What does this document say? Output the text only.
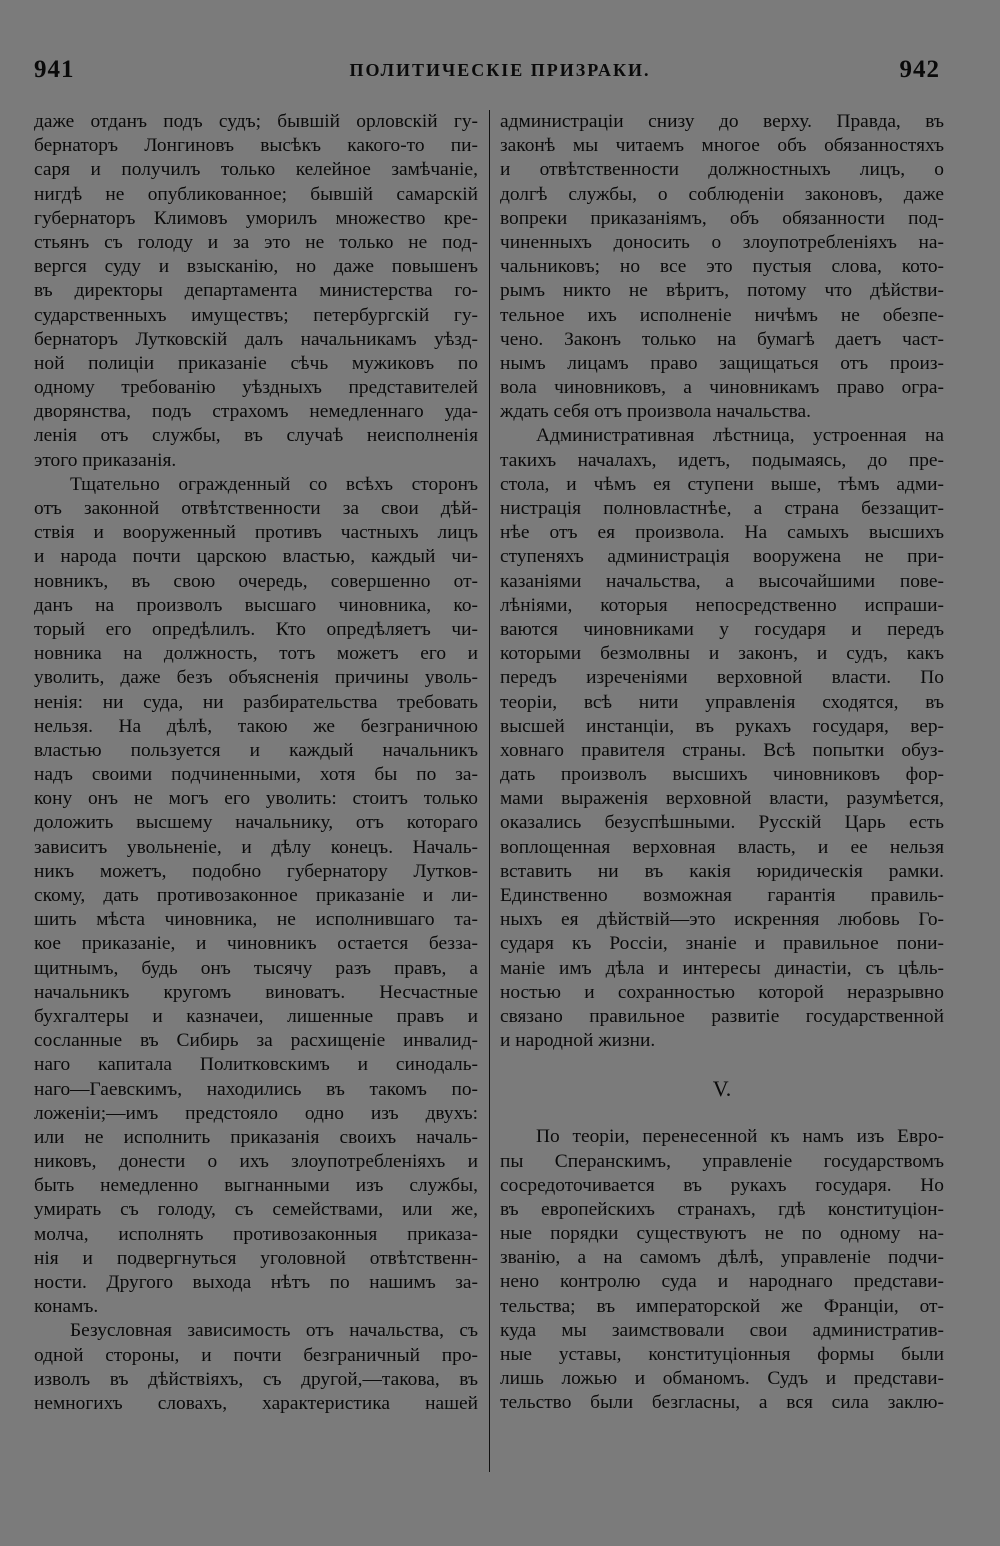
941	ПОЛИТИЧЕСКІЕ ПРИЗРАКИ.	942
даже отданъ подъ судъ; бывшій орловскій гу-
бернаторъ Лонгиновъ высѣкъ какого-то пи-
саря и получилъ только келейное замѣчаніе,
нигдѣ не опубликованное; бывшій самарскій
губернаторъ Климовъ уморилъ множество кре-
стьянъ съ голоду и за это не только не под-
вергся суду и взысканію, но даже повышенъ
въ директоры департамента министерства го-
сударственныхъ имуществъ; петербургскій гу-
бернаторъ Лутковскій далъ начальникамъ уѣзд-
ной полиціи приказаніе сѣчь мужиковъ по
одному требованію уѣздныхъ представителей
дворянства, подъ страхомъ немедленнаго уда-
ленія отъ службы, въ случаѣ неисполненія
этого приказанія.
Тщательно огражденный со всѣхъ сторонъ
отъ законной отвѣтственности за свои дѣй-
ствія и вооруженный противъ частныхъ лицъ
и народа почти царскою властью, каждый чи-
новникъ, въ свою очередь, совершенно от-
данъ на произволъ высшаго чиновника, ко-
торый его опредѣлилъ. Кто опредѣляетъ чи-
новника на должность, тотъ можетъ его и
уволить, даже безъ объясненія причины уволь-
ненія: ни суда, ни разбирательства требовать
нельзя. На дѣлѣ, такою же безграничною
властью пользуется и каждый начальникъ
надъ своими подчиненными, хотя бы по за-
кону онъ не могъ его уволить: стоитъ только
доложить высшему начальнику, отъ котораго
зависитъ увольненіе, и дѣлу конецъ. Началь-
никъ можетъ, подобно губернатору Лутков-
скому, дать противозаконное приказаніе и ли-
шить мѣста чиновника, не исполнившаго та-
кое приказаніе, и чиновникъ остается безза-
щитнымъ, будь онъ тысячу разъ правъ, а
начальникъ кругомъ виноватъ. Несчастные
бухгалтеры и казначеи, лишенные правъ и
сосланные въ Сибирь за расхищеніе инвалид-
наго капитала Политковскимъ и синодаль-
наго—Гаевскимъ, находились въ такомъ по-
ложеніи;—имъ предстояло одно изъ двухъ:
или не исполнить приказанія своихъ началь-
никовъ, донести о ихъ злоупотребленіяхъ и
быть немедленно выгнанными изъ службы,
умирать съ голоду, съ семействами, или же,
молча, исполнять противозаконныя приказа-
нія и подвергнуться уголовной отвѣтственн-
ности. Другого выхода нѣтъ по нашимъ за-
конамъ.
Безусловная зависимость отъ начальства, съ
одной стороны, и почти безграничный про-
изволъ въ дѣйствіяхъ, съ другой,—такова, въ
немногихъ словахъ, характеристика нашей
администраціи снизу до верху. Правда, въ
законѣ мы читаемъ многое объ обязанностяхъ
и отвѣтственности должностныхъ лицъ, о
долгѣ службы, о соблюденіи законовъ, даже
вопреки приказаніямъ, объ обязанности под-
чиненныхъ доносить о злоупотребленіяхъ на-
чальниковъ; но все это пустыя слова, кото-
рымъ никто не вѣритъ, потому что дѣйстви-
тельное ихъ исполненіе ничѣмъ не обезпе-
чено. Законъ только на бумагѣ даетъ част-
нымъ лицамъ право защищаться отъ произ-
вола чиновниковъ, а чиновникамъ право огра-
ждать себя отъ произвола начальства.
Административная лѣстница, устроенная на
такихъ началахъ, идетъ, подымаясь, до пре-
стола, и чѣмъ ея ступени выше, тѣмъ адми-
нистрація полновластнѣе, а страна беззащит-
нѣе отъ ея произвола. На самыхъ высшихъ
ступеняхъ администрація вооружена не при-
казаніями начальства, а высочайшими пове-
лѣніями, которыя непосредственно испраши-
ваются чиновниками у государя и передъ
которыми безмолвны и законъ, и судъ, какъ
передъ изреченіями верховной власти. По
теоріи, всѣ нити управленія сходятся, въ
высшей инстанціи, въ рукахъ государя, вер-
ховнаго правителя страны. Всѣ попытки обуз-
дать произволъ высшихъ чиновниковъ фор-
мами выраженія верховной власти, разумѣется,
оказались безуспѣшными. Русскій Царь есть
воплощенная верховная власть, и ее нельзя
вставить ни въ какія юридическія рамки.
Единственно возможная гарантія правиль-
ныхъ ея дѣйствій—это искренняя любовь Го-
сударя къ Россіи, знаніе и правильное пони-
маніе имъ дѣла и интересы династіи, съ цѣль-
ностью и сохранностью которой неразрывно
связано правильное развитіе государственной
и народной жизни.
V.
По теоріи, перенесенной къ намъ изъ Евро-
пы Сперанскимъ, управленіе государствомъ
сосредоточивается въ рукахъ государя. Но
въ европейскихъ странахъ, гдѣ конституціон-
ные порядки существуютъ не по одному на-
званію, а на самомъ дѣлѣ, управленіе подчи-
нено контролю суда и народнаго представи-
тельства; въ императорской же Франціи, от-
куда мы заимствовали свои административ-
ные уставы, конституціонныя формы были
лишь ложью и обманомъ. Судъ и представи-
тельство были безгласны, а вся сила заклю-
